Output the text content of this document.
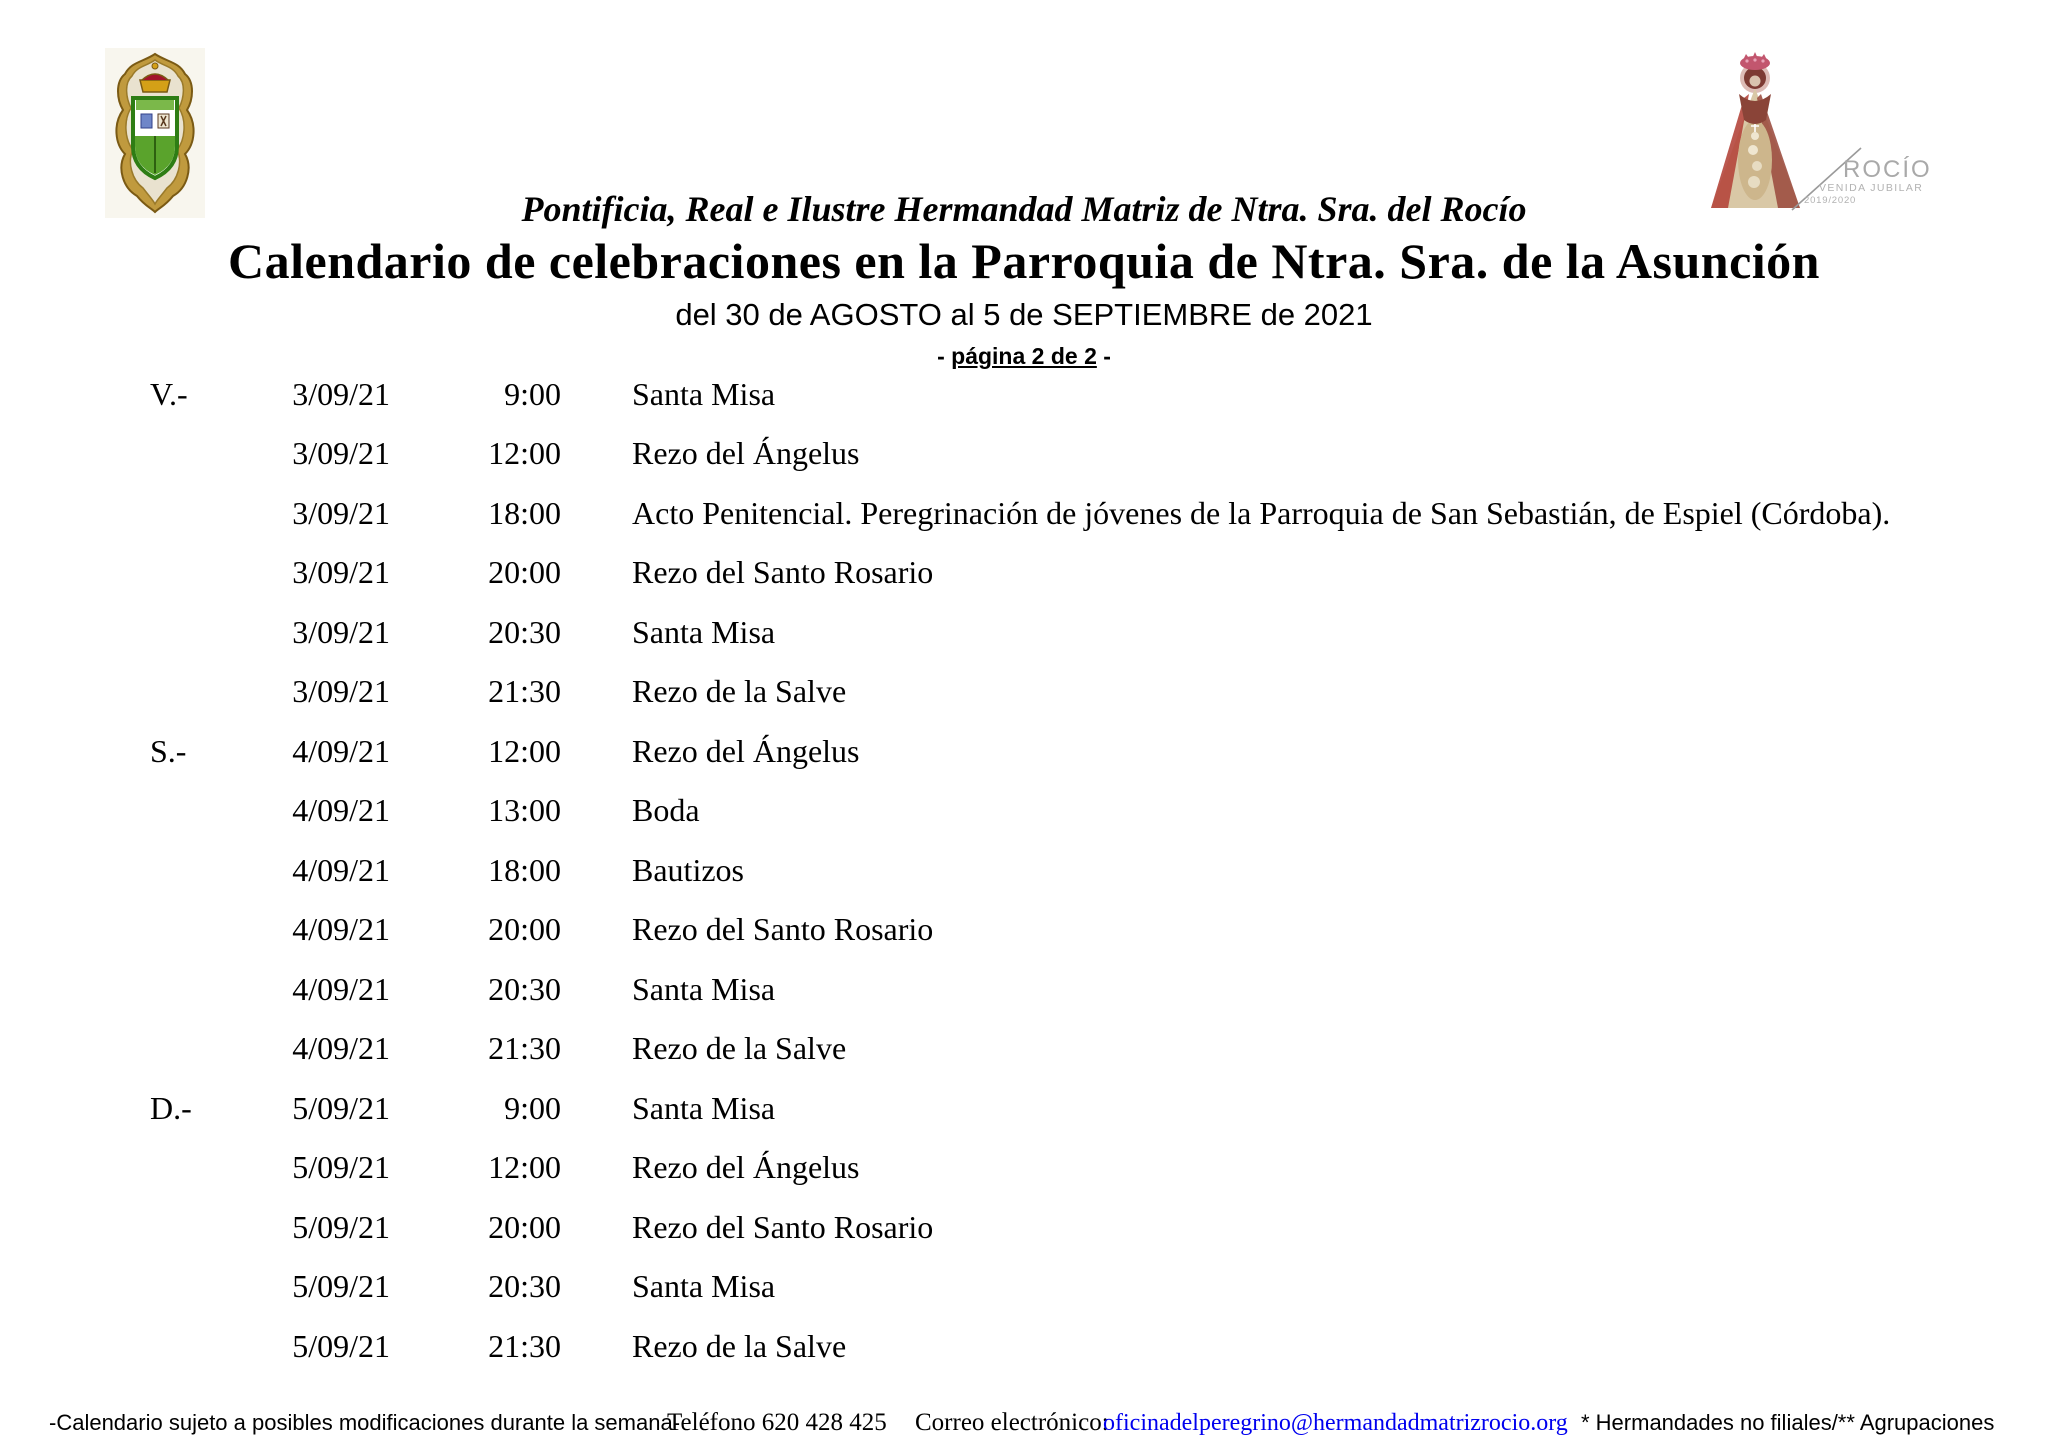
ROCÍO
VENIDA JUBILAR
2019/2020
Pontificia, Real e Ilustre Hermandad Matriz de Ntra. Sra. del Rocío
Calendario de celebraciones en la Parroquia de Ntra. Sra. de la Asunción
del 30 de AGOSTO al 5 de SEPTIEMBRE de 2021
- página 2 de 2 -
V.-	3/09/21	9:00	Santa Misa
3/09/21	12:00	Rezo del Ángelus
3/09/21	18:00	Acto Penitencial. Peregrinación de jóvenes de la Parroquia de San Sebastián, de Espiel (Córdoba).
3/09/21	20:00	Rezo del Santo Rosario
3/09/21	20:30	Santa Misa
3/09/21	21:30	Rezo de la Salve
S.-	4/09/21	12:00	Rezo del Ángelus
4/09/21	13:00	Boda
4/09/21	18:00	Bautizos
4/09/21	20:00	Rezo del Santo Rosario
4/09/21	20:30	Santa Misa
4/09/21	21:30	Rezo de la Salve
D.-	5/09/21	9:00	Santa Misa
5/09/21	12:00	Rezo del Ángelus
5/09/21	20:00	Rezo del Santo Rosario
5/09/21	20:30	Santa Misa
5/09/21	21:30	Rezo de la Salve
-Calendario sujeto a posibles modificaciones durante la semana-
Teléfono 620 428 425 Correo electrónico:
oficinadelperegrino@hermandadmatrizrocio.org * Hermandades no filiales/** Agrupaciones
